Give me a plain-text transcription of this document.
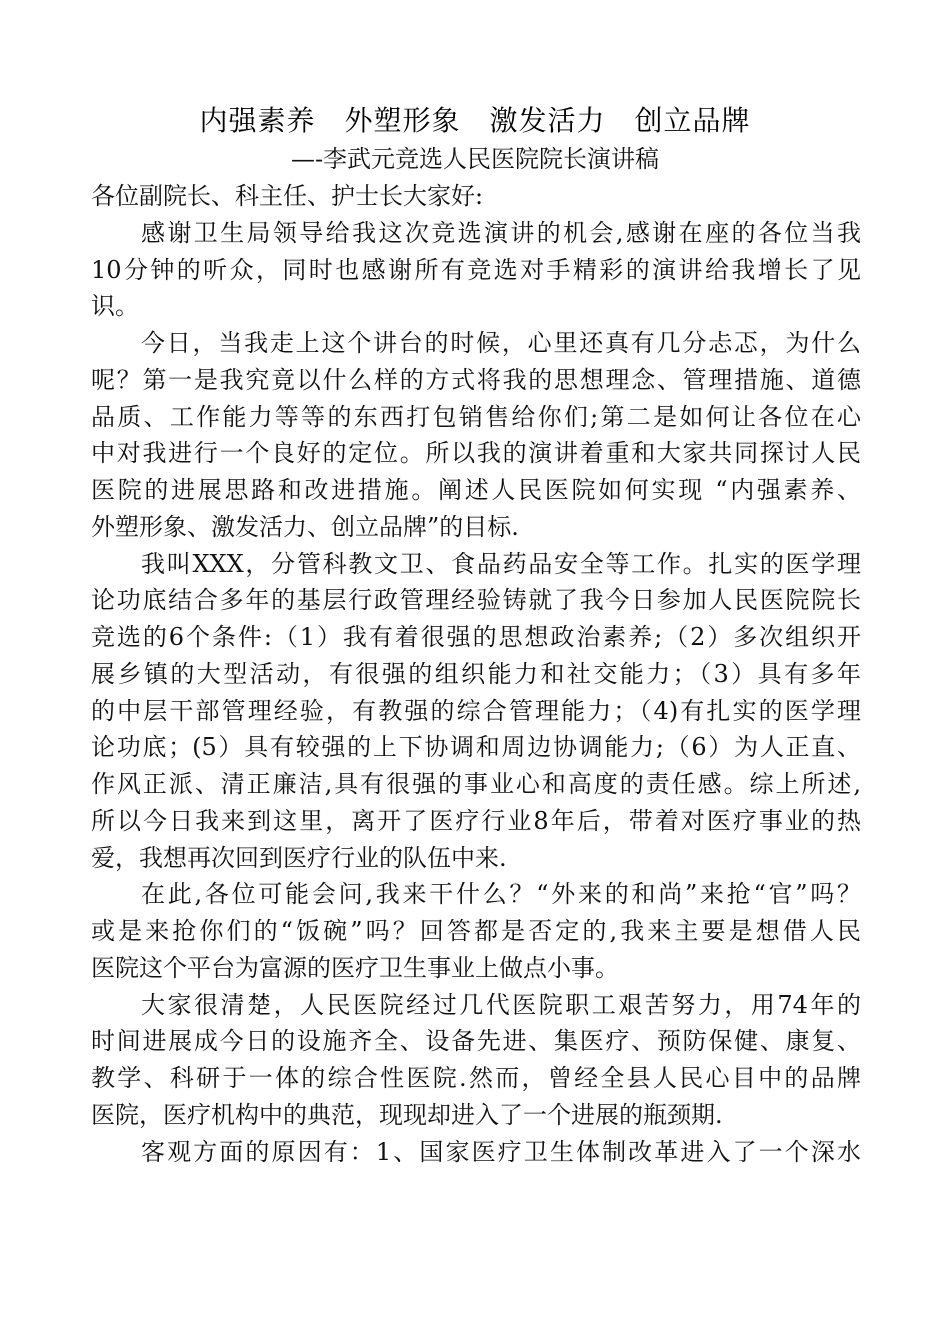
内强素养　外塑形象　激发活力　创立品牌
—-李武元竞选人民医院院长演讲稿
各位副院长、科主任、护士长大家好:
感谢卫生局领导给我这次竞选演讲的机会,感谢在座的各位当我
10分钟的听众，同时也感谢所有竞选对手精彩的演讲给我增长了见
识。
今日，当我走上这个讲台的时候，心里还真有几分忐忑，为什么
呢？第一是我究竟以什么样的方式将我的思想理念、管理措施、道德
品质、工作能力等等的东西打包销售给你们;第二是如何让各位在心
中对我进行一个良好的定位。所以我的演讲着重和大家共同探讨人民
医院的进展思路和改进措施。阐述人民医院如何实现 “内强素养、
外塑形象、激发活力、创立品牌”的目标.
我叫XXX，分管科教文卫、食品药品安全等工作。扎实的医学理
论功底结合多年的基层行政管理经验铸就了我今日参加人民医院院长
竞选的6个条件:（1）我有着很强的思想政治素养;（2）多次组织开
展乡镇的大型活动，有很强的组织能力和社交能力；（3）具有多年
的中层干部管理经验，有教强的综合管理能力；（4)有扎实的医学理
论功底；(5）具有较强的上下协调和周边协调能力;（6）为人正直、
作风正派、清正廉洁,具有很强的事业心和高度的责任感。综上所述,
所以今日我来到这里，离开了医疗行业8年后，带着对医疗事业的热
爱，我想再次回到医疗行业的队伍中来.
在此,各位可能会问,我来干什么？“外来的和尚”来抢“官”吗？
或是来抢你们的“饭碗”吗？回答都是否定的,我来主要是想借人民
医院这个平台为富源的医疗卫生事业上做点小事。
大家很清楚，人民医院经过几代医院职工艰苦努力，用74年的
时间进展成今日的设施齐全、设备先进、集医疗、预防保健、康复、
教学、科研于一体的综合性医院.然而，曾经全县人民心目中的品牌
医院，医疗机构中的典范，现现却进入了一个进展的瓶颈期.
客观方面的原因有：1、国家医疗卫生体制改革进入了一个深水
